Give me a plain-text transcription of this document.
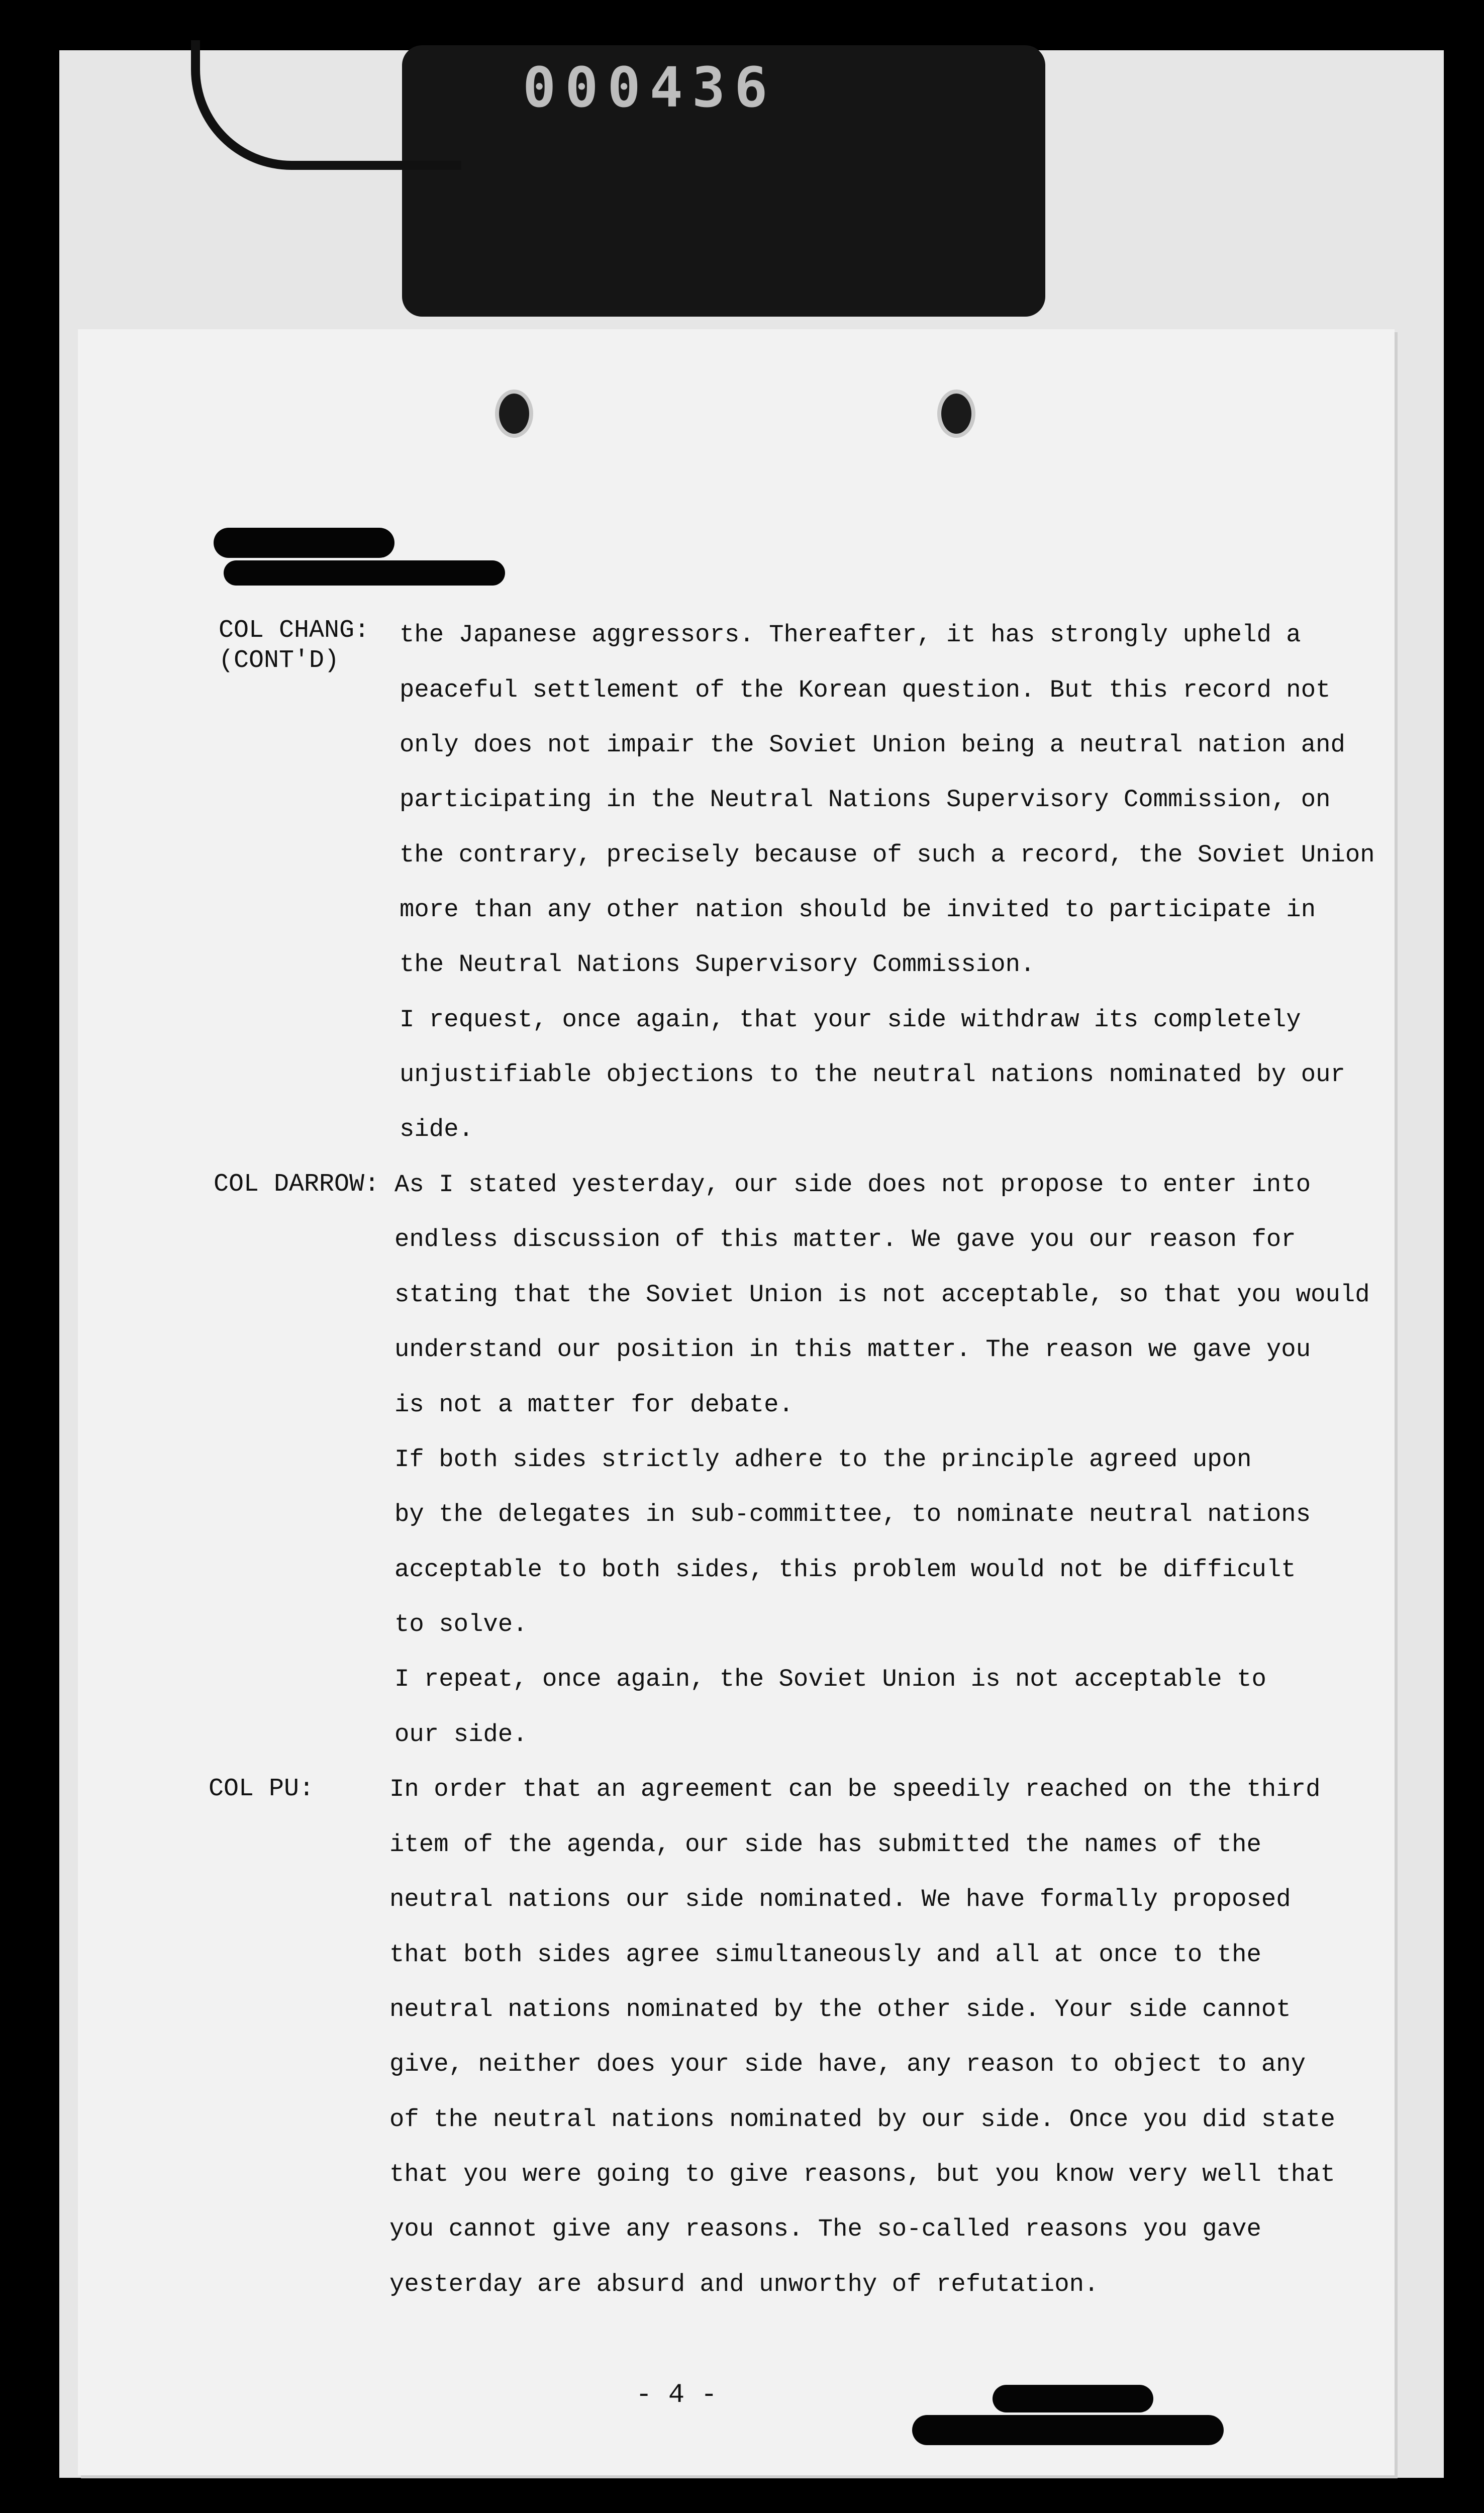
000436
COL CHANG:
(CONT'D)
the Japanese aggressors. Thereafter, it has strongly upheld a
peaceful settlement of the Korean question. But this record not
only does not impair the Soviet Union being a neutral nation and
participating in the Neutral Nations Supervisory Commission, on
the contrary, precisely because of such a record, the Soviet Union
more than any other nation should be invited to participate in
the Neutral Nations Supervisory Commission.
I request, once again, that your side withdraw its completely
unjustifiable objections to the neutral nations nominated by our
side.
COL DARROW: As I stated yesterday, our side does not propose to enter into
endless discussion of this matter. We gave you our reason for
stating that the Soviet Union is not acceptable, so that you would
understand our position in this matter. The reason we gave you
is not a matter for debate.
If both sides strictly adhere to the principle agreed upon
by the delegates in sub-committee, to nominate neutral nations
acceptable to both sides, this problem would not be difficult
to solve.
I repeat, once again, the Soviet Union is not acceptable to
our side.
COL PU:	In order that an agreement can be speedily reached on the third
item of the agenda, our side has submitted the names of the
neutral nations our side nominated. We have formally proposed
that both sides agree simultaneously and all at once to the
neutral nations nominated by the other side. Your side cannot
give, neither does your side have, any reason to object to any
of the neutral nations nominated by our side. Once you did state
that you were going to give reasons, but you know very well that
you cannot give any reasons. The so-called reasons you gave
yesterday are absurd and unworthy of refutation.
- 4 -
